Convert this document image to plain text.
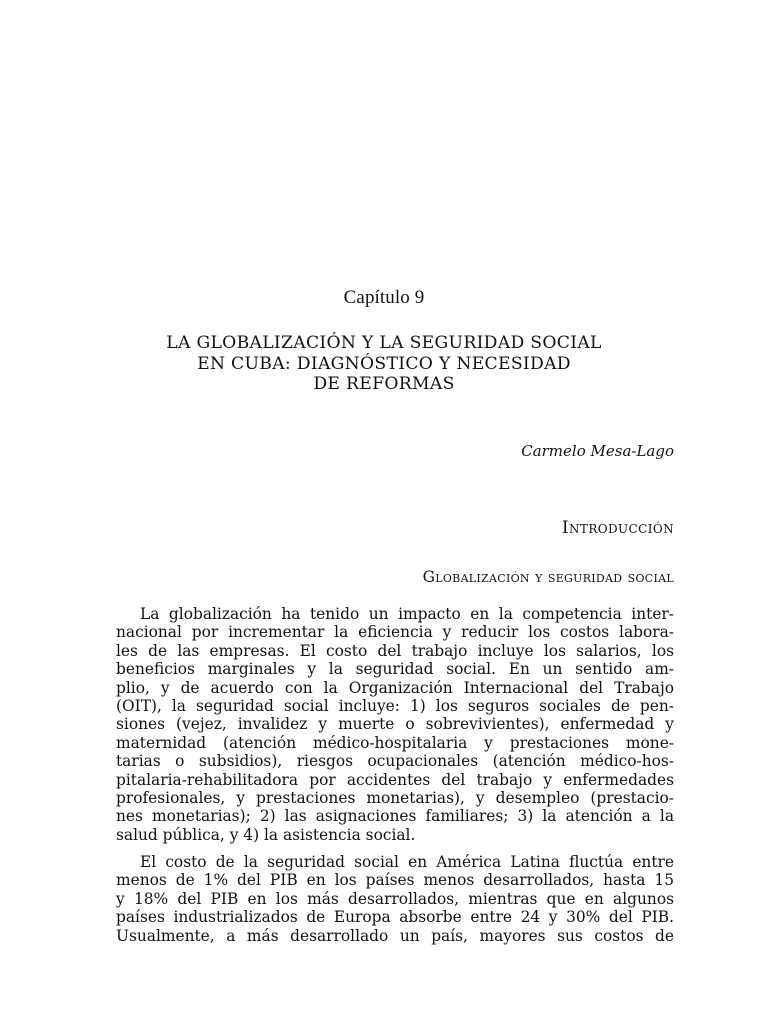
Capítulo 9
LA GLOBALIZACIÓN Y LA SEGURIDAD SOCIAL
EN CUBA: DIAGNÓSTICO Y NECESIDAD
DE REFORMAS
Carmelo Mesa-Lago
Introducción
Globalización y seguridad social
La globalización ha tenido un impacto en la competencia inter-
nacional por incrementar la eficiencia y reducir los costos labora-
les de las empresas. El costo del trabajo incluye los salarios, los
beneficios marginales y la seguridad social. En un sentido am-
plio, y de acuerdo con la Organización Internacional del Trabajo
(OIT), la seguridad social incluye: 1) los seguros sociales de pen-
siones (vejez, invalidez y muerte o sobrevivientes), enfermedad y
maternidad (atención médico-hospitalaria y prestaciones mone-
tarias o subsidios), riesgos ocupacionales (atención médico-hos-
pitalaria-rehabilitadora por accidentes del trabajo y enfermedades
profesionales, y prestaciones monetarias), y desempleo (prestacio-
nes monetarias); 2) las asignaciones familiares; 3) la atención a la
salud pública, y 4) la asistencia social.
El costo de la seguridad social en América Latina fluctúa entre
menos de 1% del PIB en los países menos desarrollados, hasta 15
y 18% del PIB en los más desarrollados, mientras que en algunos
países industrializados de Europa absorbe entre 24 y 30% del PIB.
Usualmente, a más desarrollado un país, mayores sus costos de
